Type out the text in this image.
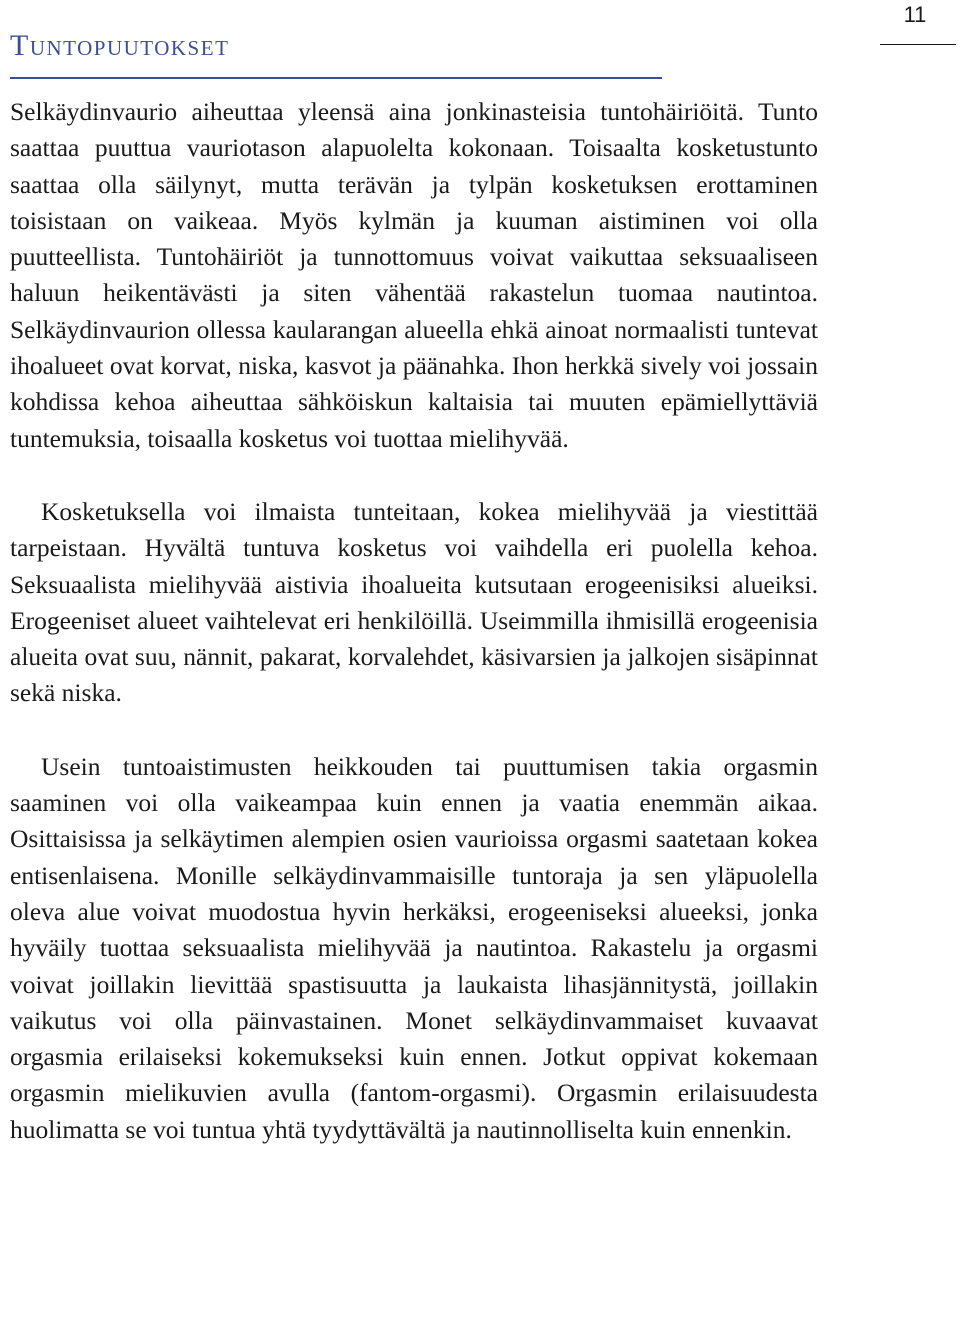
11
Tuntopuutokset

Selkäydinvaurio aiheuttaa yleensä aina jonkinasteisia tuntohäiriöitä. Tunto saattaa puuttua vauriotason alapuolelta kokonaan. Toisaalta kosketustunto saattaa olla säilynyt, mutta terävän ja tylpän kosketuksen erottaminen toisistaan on vaikeaa. Myös kylmän ja kuuman aistiminen voi olla puutteellista. Tuntohäiriöt ja tunnottomuus voivat vaikuttaa seksuaaliseen haluun heikentävästi ja siten vähentää rakastelun tuomaa nautintoa. Selkäydinvaurion ollessa kaularangan alueella ehkä ainoat normaalisti tuntevat ihoalueet ovat korvat, niska, kasvot ja päänahka. Ihon herkkä sively voi jossain kohdissa kehoa aiheuttaa sähköiskun kaltaisia tai muuten epämiellyttäviä tuntemuksia, toisaalla kosketus voi tuottaa mielihyvää.

Kosketuksella voi ilmaista tunteitaan, kokea mielihyvää ja viestittää tarpeistaan. Hyvältä tuntuva kosketus voi vaihdella eri puolella kehoa. Seksuaalista mielihyvää aistivia ihoalueita kutsutaan erogeenisiksi alueiksi. Erogeeniset alueet vaihtelevat eri henkilöillä. Useimmilla ihmisillä erogeenisia alueita ovat suu, nännit, pakarat, korvalehdet, käsivarsien ja jalkojen sisäpinnat sekä niska.

Usein tuntoaistimusten heikkouden tai puuttumisen takia orgasmin saaminen voi olla vaikeampaa kuin ennen ja vaatia enemmän aikaa. Osittaisissa ja selkäytimen alempien osien vaurioissa orgasmi saatetaan kokea entisenlaisena. Monille selkäydinvammaisille tuntoraja ja sen yläpuolella oleva alue voivat muodostua hyvin herkäksi, erogeeniseksi alueeksi, jonka hyväily tuottaa seksuaalista mielihyvää ja nautintoa. Rakastelu ja orgasmi voivat joillakin lievittää spastisuutta ja laukaista lihasjännitystä, joillakin vaikutus voi olla päinvastainen. Monet selkäydinvammaiset kuvaavat orgasmia erilaiseksi kokemukseksi kuin ennen. Jotkut oppivat kokemaan orgasmin mielikuvien avulla (fantom-orgasmi). Orgasmin erilaisuudesta huolimatta se voi tuntua yhtä tyydyttävältä ja nautinnolliselta kuin ennenkin.
